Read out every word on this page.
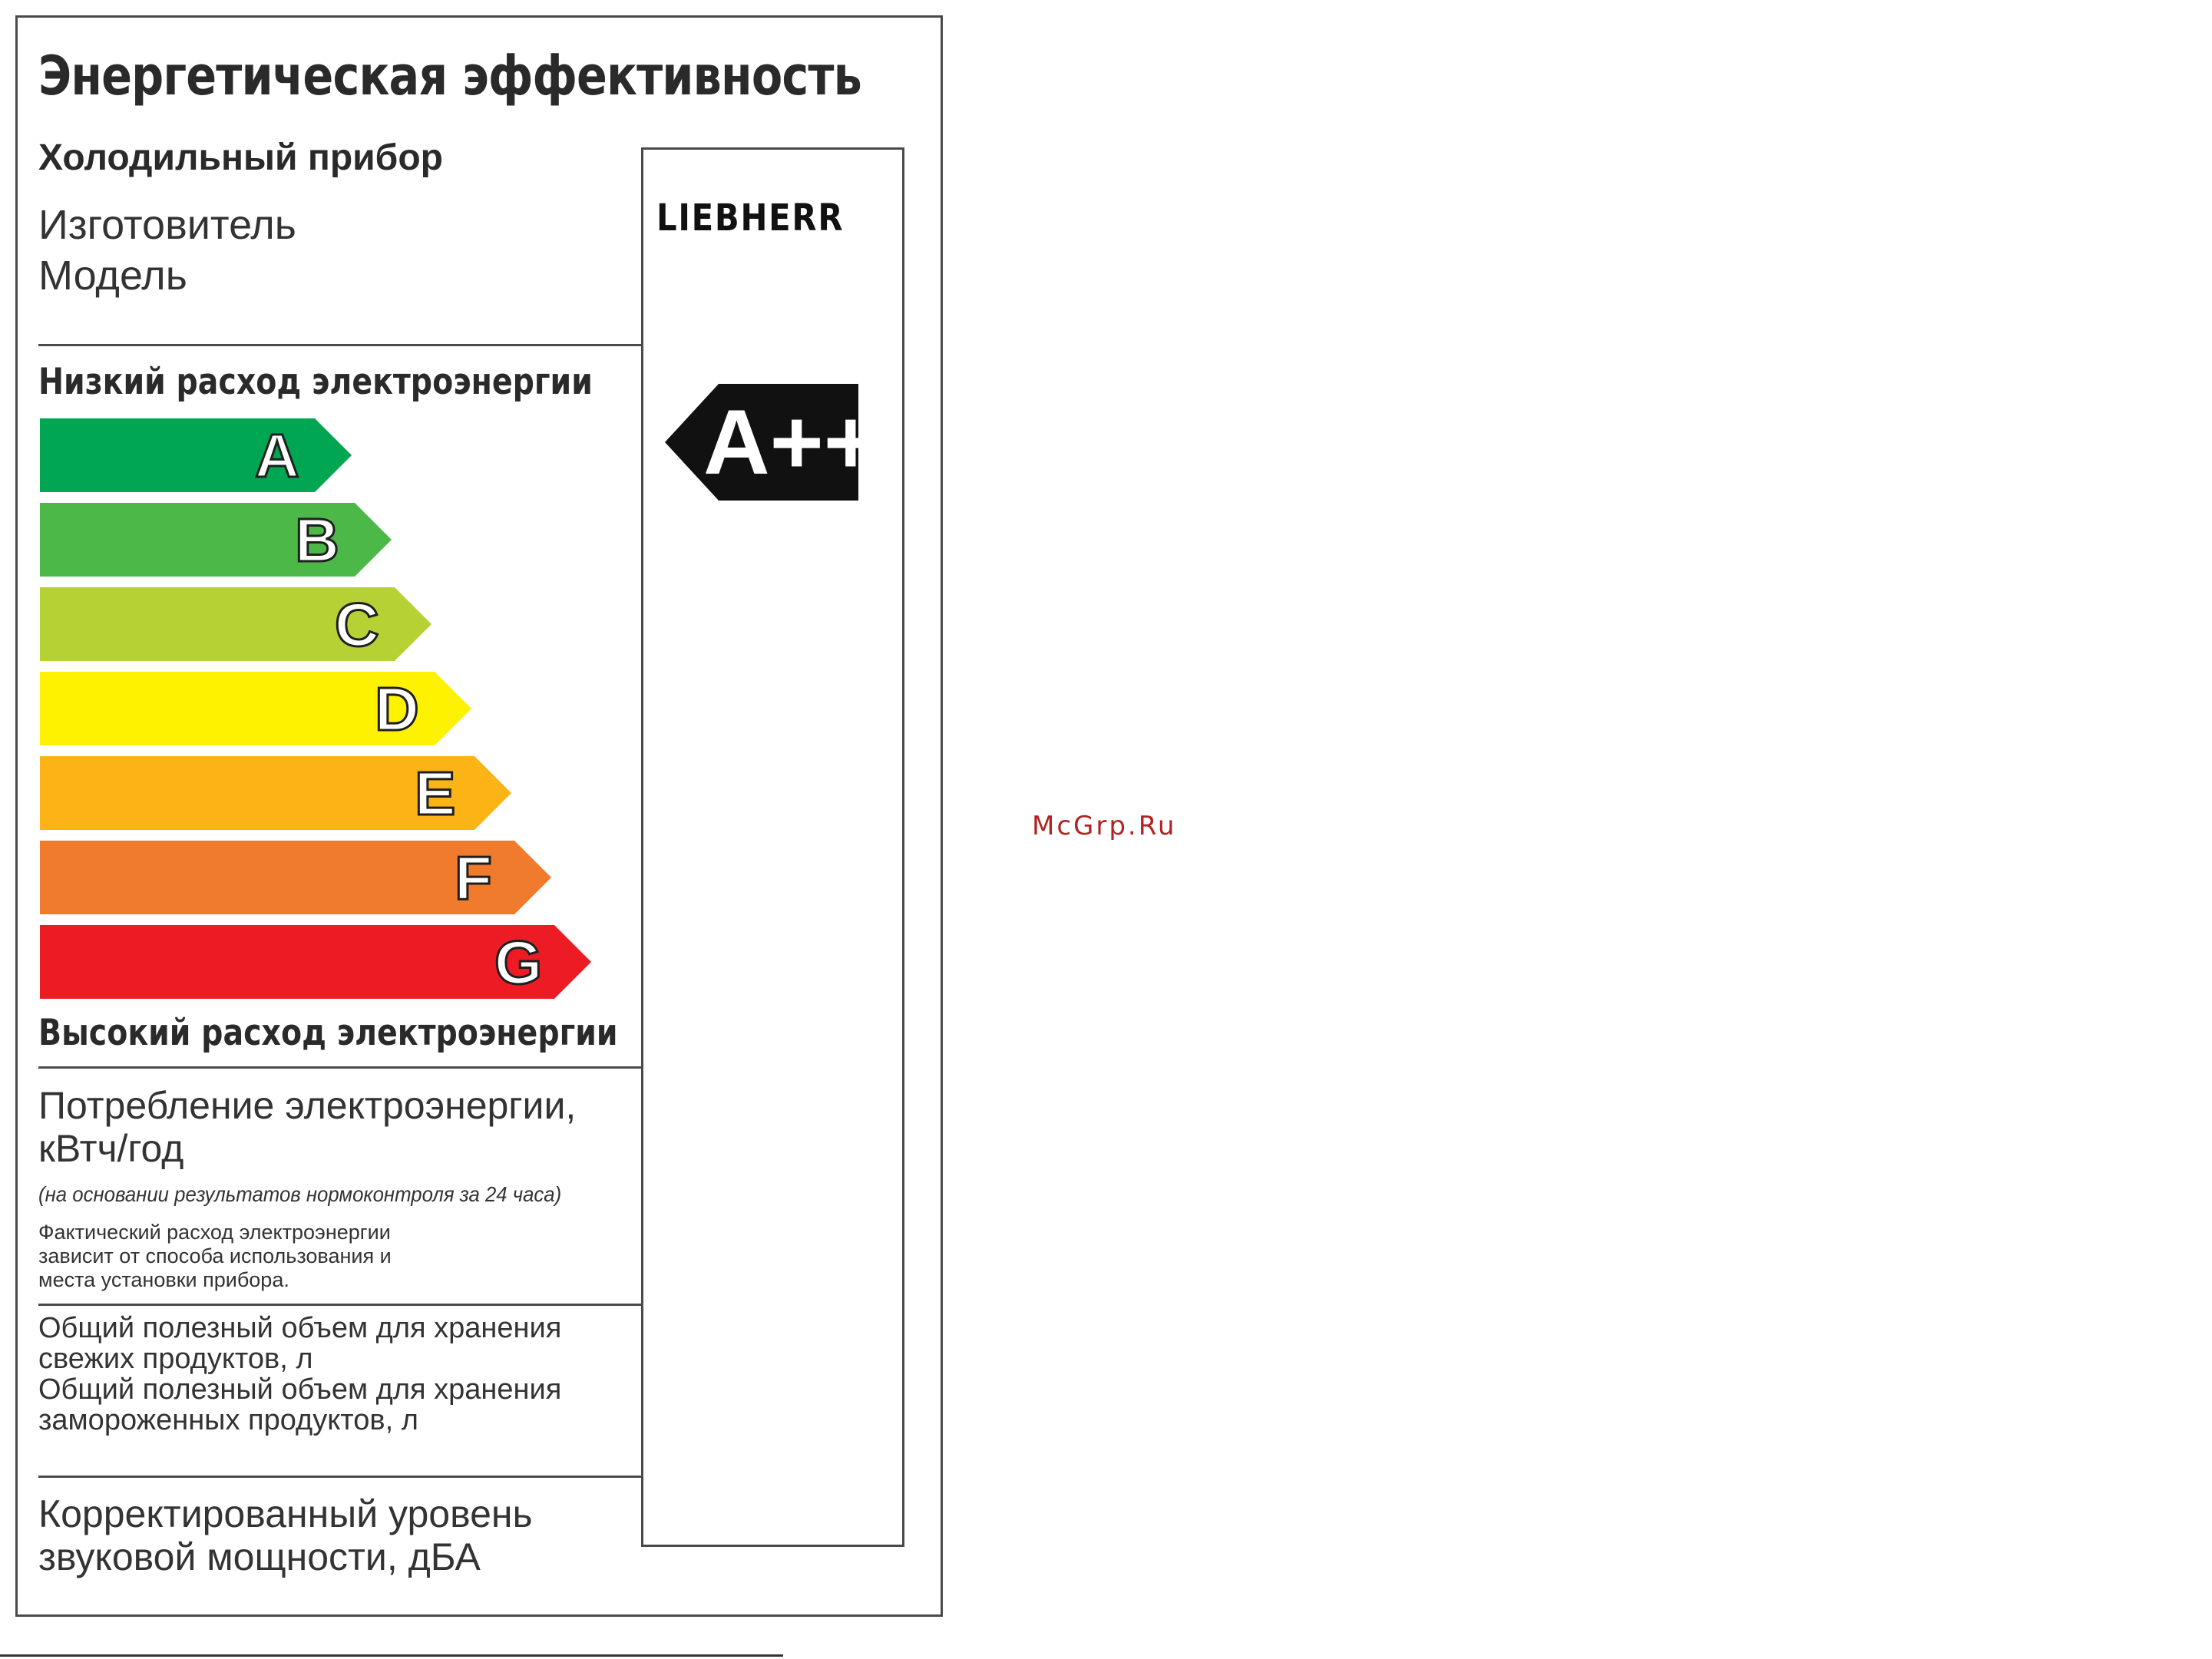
Энергетическая эффективность
Холодильный прибор
Изготовитель
Модель
Низкий расход электроэнергии
A
B
C
D
E
F
G
Высокий расход электроэнергии
Потребление электроэнергии, кВтч/год
(на основании результатов нормоконтроля за 24 часа)
Фактический расход электроэнергии зависит от способа использования и места установки прибора.
Общий полезный объем для хранения свежих продуктов, л
Общий полезный объем для хранения замороженных продуктов, л
Корректированный уровень звуковой мощности, дБА
LIEBHERR
A++
McGrp.Ru
